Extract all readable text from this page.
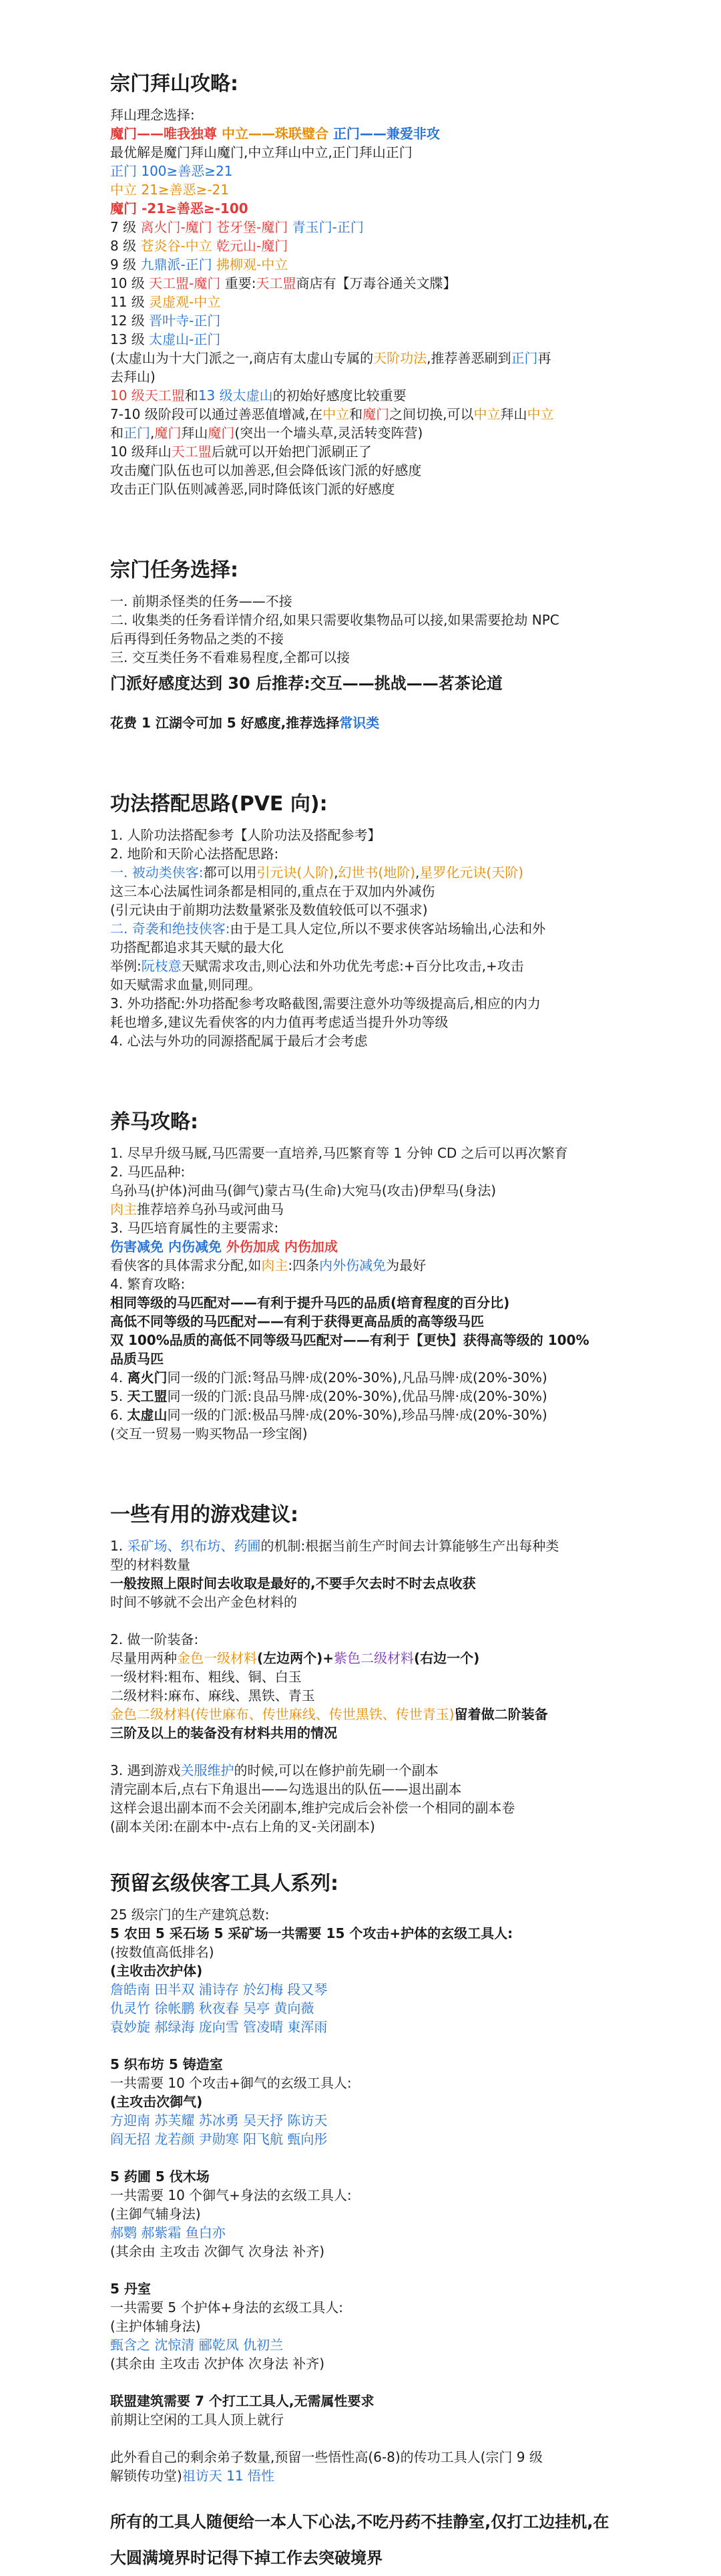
宗门拜山攻略:
拜山理念选择:
魔门——唯我独尊 中立——珠联璧合 正门——兼爱非攻
最优解是魔门拜山魔门,中立拜山中立,正门拜山正门
正门 100≥善恶≥21
中立 21≥善恶≥-21
魔门 -21≥善恶≥-100
7 级 离火门-魔门 苍牙堡-魔门 青玉门-正门
8 级 苍炎谷-中立 乾元山-魔门
9 级 九鼎派-正门 拂柳观-中立
10 级 天工盟-魔门 重要:天工盟商店有【万毒谷通关文牒】
11 级 灵虚观-中立
12 级 晋叶寺-正门
13 级 太虚山-正门
(太虚山为十大门派之一,商店有太虚山专属的天阶功法,推荐善恶刷到正门再
去拜山)
10 级天工盟和13 级太虚山的初始好感度比较重要
7-10 级阶段可以通过善恶值增减,在中立和魔门之间切换,可以中立拜山中立
和正门,魔门拜山魔门(突出一个墙头草,灵活转变阵营)
10 级拜山天工盟后就可以开始把门派刷正了
攻击魔门队伍也可以加善恶,但会降低该门派的好感度
攻击正门队伍则减善恶,同时降低该门派的好感度
宗门任务选择:
一. 前期杀怪类的任务——不接
二. 收集类的任务看详情介绍,如果只需要收集物品可以接,如果需要抢劫 NPC
后再得到任务物品之类的不接
三. 交互类任务不看难易程度,全都可以接
门派好感度达到 30 后推荐:交互——挑战——茗茶论道
花费 1 江湖令可加 5 好感度,推荐选择常识类
功法搭配思路(PVE 向):
1. 人阶功法搭配参考【人阶功法及搭配参考】
2. 地阶和天阶心法搭配思路:
一. 被动类侠客:都可以用引元诀(人阶),幻世书(地阶),星罗化元诀(天阶)
这三本心法属性词条都是相同的,重点在于双加内外减伤
(引元诀由于前期功法数量紧张及数值较低可以不强求)
二. 奇袭和绝技侠客:由于是工具人定位,所以不要求侠客站场输出,心法和外
功搭配都追求其天赋的最大化
举例:阮枝意天赋需求攻击,则心法和外功优先考虑:+百分比攻击,+攻击
如天赋需求血量,则同理。
3. 外功搭配:外功搭配参考攻略截图,需要注意外功等级提高后,相应的内力
耗也增多,建议先看侠客的内力值再考虑适当提升外功等级
4. 心法与外功的同源搭配属于最后才会考虑
养马攻略:
1. 尽早升级马厩,马匹需要一直培养,马匹繁育等 1 分钟 CD 之后可以再次繁育
2. 马匹品种:
乌孙马(护体)河曲马(御气)蒙古马(生命)大宛马(攻击)伊犁马(身法)
肉主推荐培养乌孙马或河曲马
3. 马匹培育属性的主要需求:
伤害减免 内伤减免 外伤加成 内伤加成
看侠客的具体需求分配,如肉主:四条内外伤减免为最好
4. 繁育攻略:
相同等级的马匹配对——有利于提升马匹的品质(培育程度的百分比)
高低不同等级的马匹配对——有利于获得更高品质的高等级马匹
双 100%品质的高低不同等级马匹配对——有利于【更快】获得高等级的 100%
品质马匹
4. 离火门同一级的门派:弩品马牌·成(20%-30%),凡品马牌·成(20%-30%)
5. 天工盟同一级的门派:良品马牌·成(20%-30%),优品马牌·成(20%-30%)
6. 太虚山同一级的门派:极品马牌·成(20%-30%),珍品马牌·成(20%-30%)
(交互一贸易一购买物品一珍宝阁)
一些有用的游戏建议:
1. 采矿场、织布坊、药圃的机制:根据当前生产时间去计算能够生产出每种类
型的材料数量
一般按照上限时间去收取是最好的,不要手欠去时不时去点收获
时间不够就不会出产金色材料的
2. 做一阶装备:
尽量用两种金色一级材料(左边两个)+紫色二级材料(右边一个)
一级材料:粗布、粗线、铜、白玉
二级材料:麻布、麻线、黑铁、青玉
金色二级材料(传世麻布、传世麻线、传世黑铁、传世青玉)留着做二阶装备
三阶及以上的装备没有材料共用的情况
3. 遇到游戏关服维护的时候,可以在修护前先刷一个副本
清完副本后,点右下角退出——勾选退出的队伍——退出副本
这样会退出副本而不会关闭副本,维护完成后会补偿一个相同的副本卷
(副本关闭:在副本中-点右上角的叉-关闭副本)
预留玄级侠客工具人系列:
25 级宗门的生产建筑总数:
5 农田 5 采石场 5 采矿场一共需要 15 个攻击+护体的玄级工具人:
(按数值高低排名)
(主收击次护体)
詹皓南 田半双 浦诗存 於幻梅 段又琴
仇灵竹 徐帐鹏 秋夜春 吴亭 黄向薇
袁妙旋 郝绿海 庞向雪 管凌晴 東浑雨
5 织布坊 5 铸造室
一共需要 10 个攻击+御气的玄级工具人:
(主攻击次御气)
方迎南 苏芙耀 苏冰勇 吴天抒 陈访天
阎无招 龙若颜 尹勋寒 阳飞航 甄向彤
5 药圃 5 伐木场
一共需要 10 个御气+身法的玄级工具人:
(主御气辅身法)
郝鹦 郝紫霜 鱼白亦
(其余由 主攻击 次御气 次身法 补齐)
5 丹室
一共需要 5 个护体+身法的玄级工具人:
(主护体辅身法)
甄含之 沈惊清 郦乾凤 仇初兰
(其余由 主攻击 次护体 次身法 补齐)
联盟建筑需要 7 个打工工具人,无需属性要求
前期让空闲的工具人顶上就行
此外看自己的剩余弟子数量,预留一些悟性高(6-8)的传功工具人(宗门 9 级
解锁传功堂)祖访天 11 悟性
所有的工具人随便给一本人下心法,不吃丹药不挂静室,仅打工边挂机,在大圆满境界时记得下掉工作去突破境界
